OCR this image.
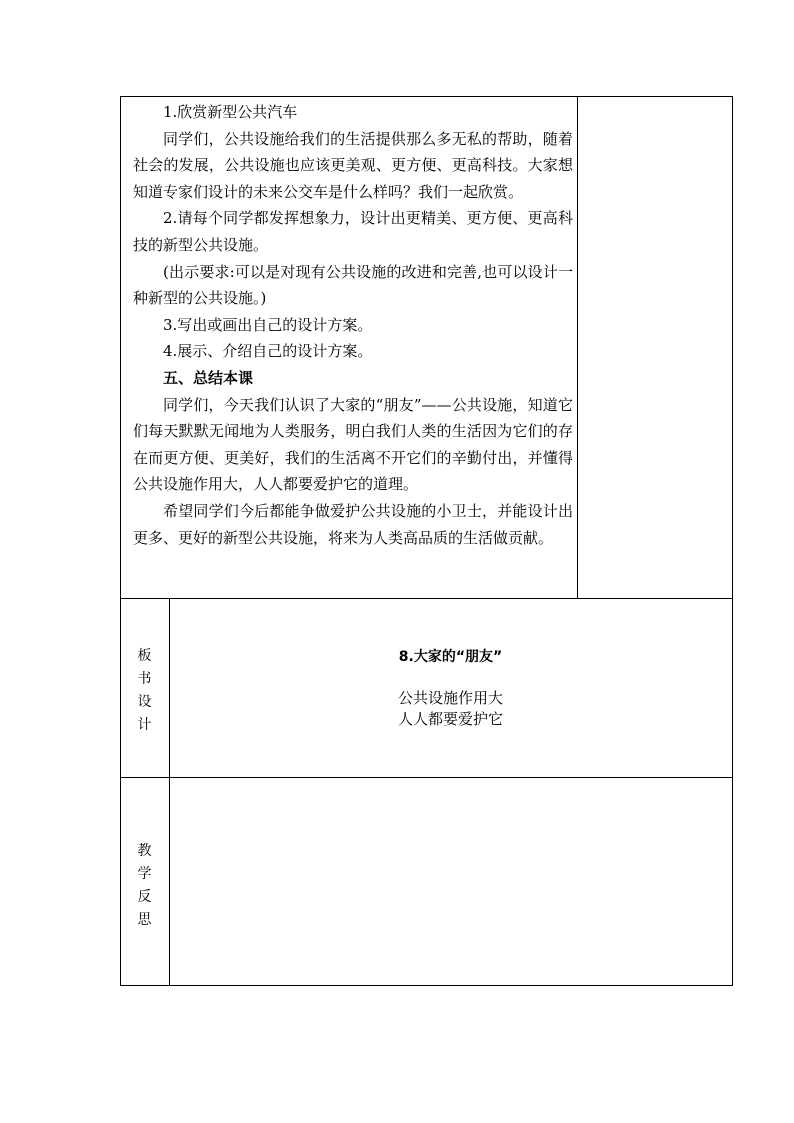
1.欣赏新型公共汽车

同学们，公共设施给我们的生活提供那么多无私的帮助，随着社会的发展，公共设施也应该更美观、更方便、更高科技。大家想知道专家们设计的未来公交车是什么样吗？我们一起欣赏。

2.请每个同学都发挥想象力，设计出更精美、更方便、更高科技的新型公共设施。

(出示要求:可以是对现有公共设施的改进和完善,也可以设计一种新型的公共设施。)

3.写出或画出自己的设计方案。

4.展示、介绍自己的设计方案。

五、总结本课

同学们，今天我们认识了大家的“朋友”——公共设施，知道它们每天默默无闻地为人类服务，明白我们人类的生活因为它们的存在而更方便、更美好，我们的生活离不开它们的辛勤付出，并懂得公共设施作用大，人人都要爱护它的道理。

希望同学们今后都能争做爱护公共设施的小卫士，并能设计出更多、更好的新型公共设施，将来为人类高品质的生活做贡献。

板
书
设
计
8.大家的“朋友”
公共设施作用大
人人都要爱护它
教
学
反
思
